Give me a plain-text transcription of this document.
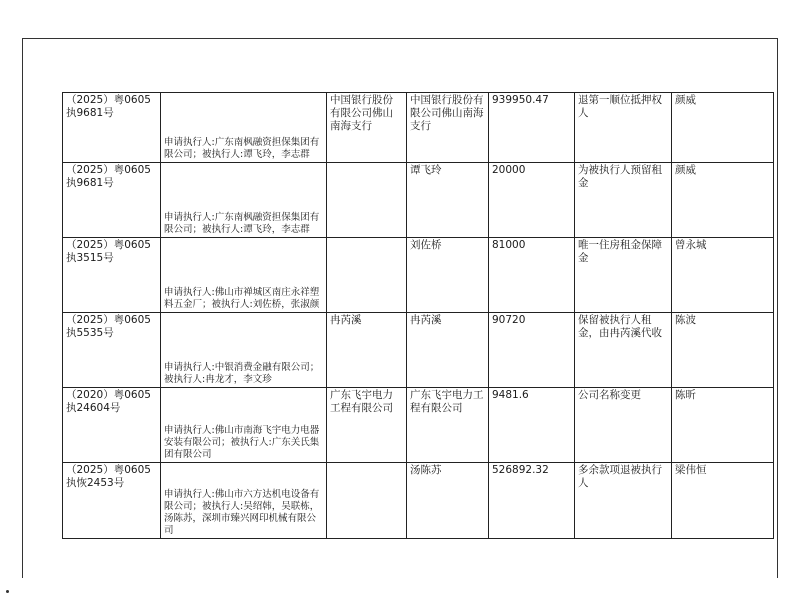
（2025）粤0605执9681号	申请执行人:广东南枫融资担保集团有限公司；被执行人:谭飞玲，李志群	中国银行股份有限公司佛山南海支行	中国银行股份有限公司佛山南海支行	939950.47	退第一顺位抵押权人	颜威
（2025）粤0605执9681号	申请执行人:广东南枫融资担保集团有限公司；被执行人:谭飞玲，李志群		谭飞玲	20000	为被执行人预留租金	颜威
（2025）粤0605执3515号	申请执行人:佛山市禅城区南庄永祥塑料五金厂；被执行人:刘佐桥，张淑颜		刘佐桥	81000	唯一住房租金保障金	曾永城
（2025）粤0605执5535号	申请执行人:中银消费金融有限公司；被执行人:冉龙才，李文珍	冉芮溪	冉芮溪	90720	保留被执行人租金，由冉芮溪代收	陈波
（2020）粤0605执24604号	申请执行人:佛山市南海飞宇电力电器安装有限公司；被执行人:广东关氏集团有限公司	广东飞宇电力工程有限公司	广东飞宇电力工程有限公司	9481.6	公司名称变更	陈昕
（2025）粤0605执恢2453号	申请执行人:佛山市六方达机电设备有限公司；被执行人:吴绍韩，吴联栋，汤陈苏，深圳市臻兴网印机械有限公司		汤陈苏	526892.32	多余款项退被执行人	梁伟恒
